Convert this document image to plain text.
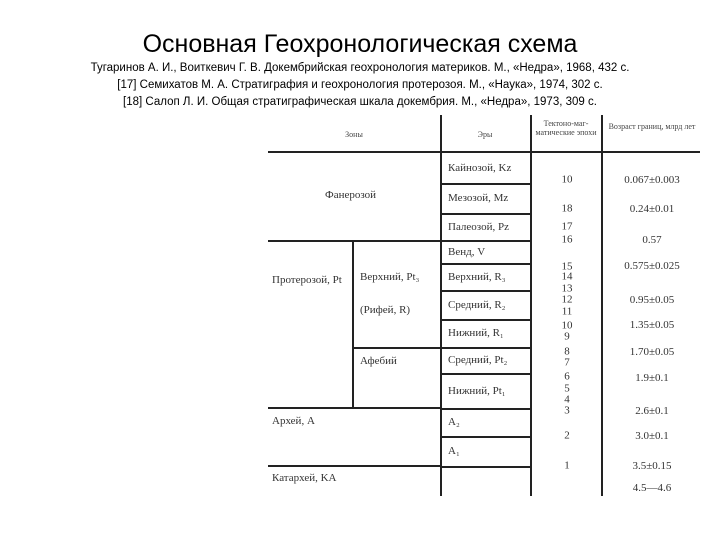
Основная Геохронологическая схема
Тугаринов А. И., Воиткевич Г. В. Докембрийская геохронология материков. М., «Недра», 1968, 432 с.
[17] Семихатов М. А. Стратиграфия и геохронология протерозоя. М., «Наука», 1974, 302 с.
[18] Салоп Л. И. Общая стратиграфическая шкала докембрия. М., «Недра», 1973, 309 с.
Зоны	Эры
Тектоно-маг-матические эпохи
Возраст границ, млрд лет
Фанерозой
Протерозой, Pt
Архей, A
Катархей, KA
Верхний, Pt₃
(Рифей, R)
Афебий
Кайнозой, Kz
Мезозой, Mz
Палеозой, Pz
Венд, V
Верхний, R₃
Средний, R₂
Нижний, R₁
Средний, Pt₂
Нижний, Pt₁
A₂
A₁
10
18
17
16
15
14
13
12
11
10
9
8
7
6
5
4
3
2
1
0.067±0.003
0.24±0.01
0.57
0.575±0.025
0.95±0.05
1.35±0.05
1.70±0.05
1.9±0.1
2.6±0.1
3.0±0.1
3.5±0.15
4.5—4.6
